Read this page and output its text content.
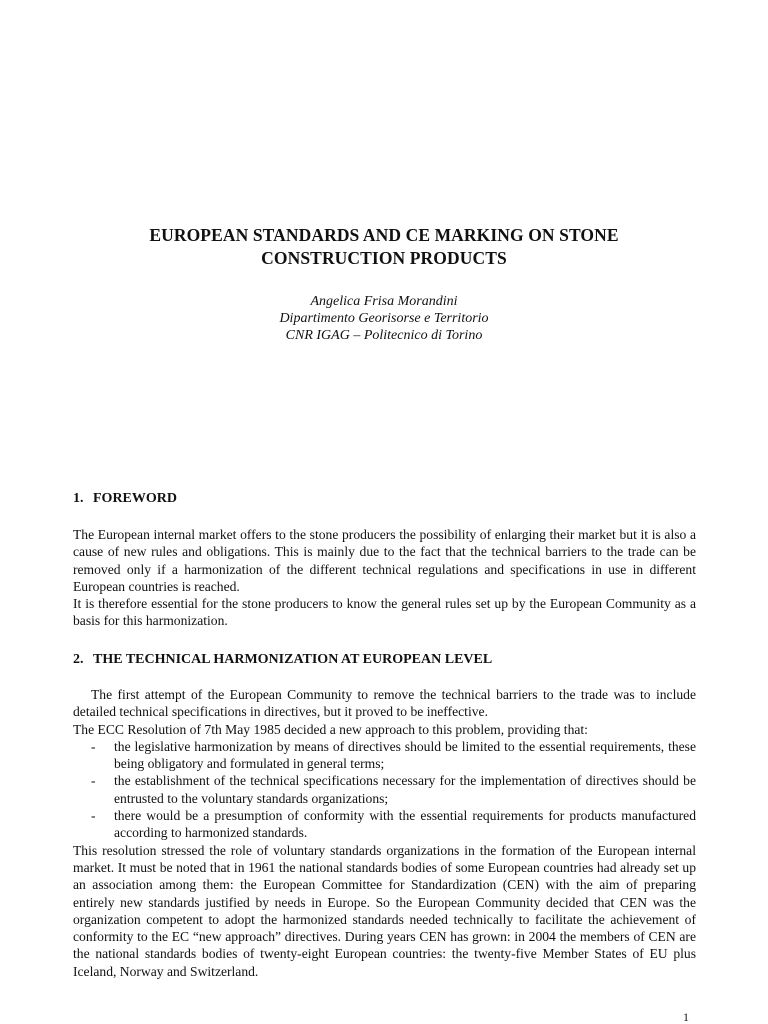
EUROPEAN STANDARDS AND CE MARKING ON STONE
CONSTRUCTION PRODUCTS
Angelica Frisa Morandini
Dipartimento Georisorse e Territorio
CNR IGAG – Politecnico di Torino
1. FOREWORD

The European internal market offers to the stone producers the possibility of enlarging their market but it is also a cause of new rules and obligations. This is mainly due to the fact that the technical barriers to the trade can be removed only if a harmonization of the different technical regulations and specifications in use in different European countries is reached.

It is therefore essential for the stone producers to know the general rules set up by the European Community as a basis for this harmonization.

2. THE TECHNICAL HARMONIZATION AT EUROPEAN LEVEL

The first attempt of the European Community to remove the technical barriers to the trade was to include detailed technical specifications in directives, but it proved to be ineffective.

The ECC Resolution of 7th May 1985 decided a new approach to this problem, providing that:

- the legislative harmonization by means of directives should be limited to the essential requirements, these being obligatory and formulated in general terms;
- the establishment of the technical specifications necessary for the implementation of directives should be entrusted to the voluntary standards organizations;
- there would be a presumption of conformity with the essential requirements for products manufactured according to harmonized standards.

This resolution stressed the role of voluntary standards organizations in the formation of the European internal market. It must be noted that in 1961 the national standards bodies of some European countries had already set up an association among them: the European Committee for Standardization (CEN) with the aim of preparing entirely new standards justified by needs in Europe. So the European Community decided that CEN was the organization competent to adopt the harmonized standards needed technically to facilitate the achievement of conformity to the EC “new approach” directives. During years CEN has grown: in 2004 the members of CEN are the national standards bodies of twenty-eight European countries: the twenty-five Member States of EU plus Iceland, Norway and Switzerland.

1
